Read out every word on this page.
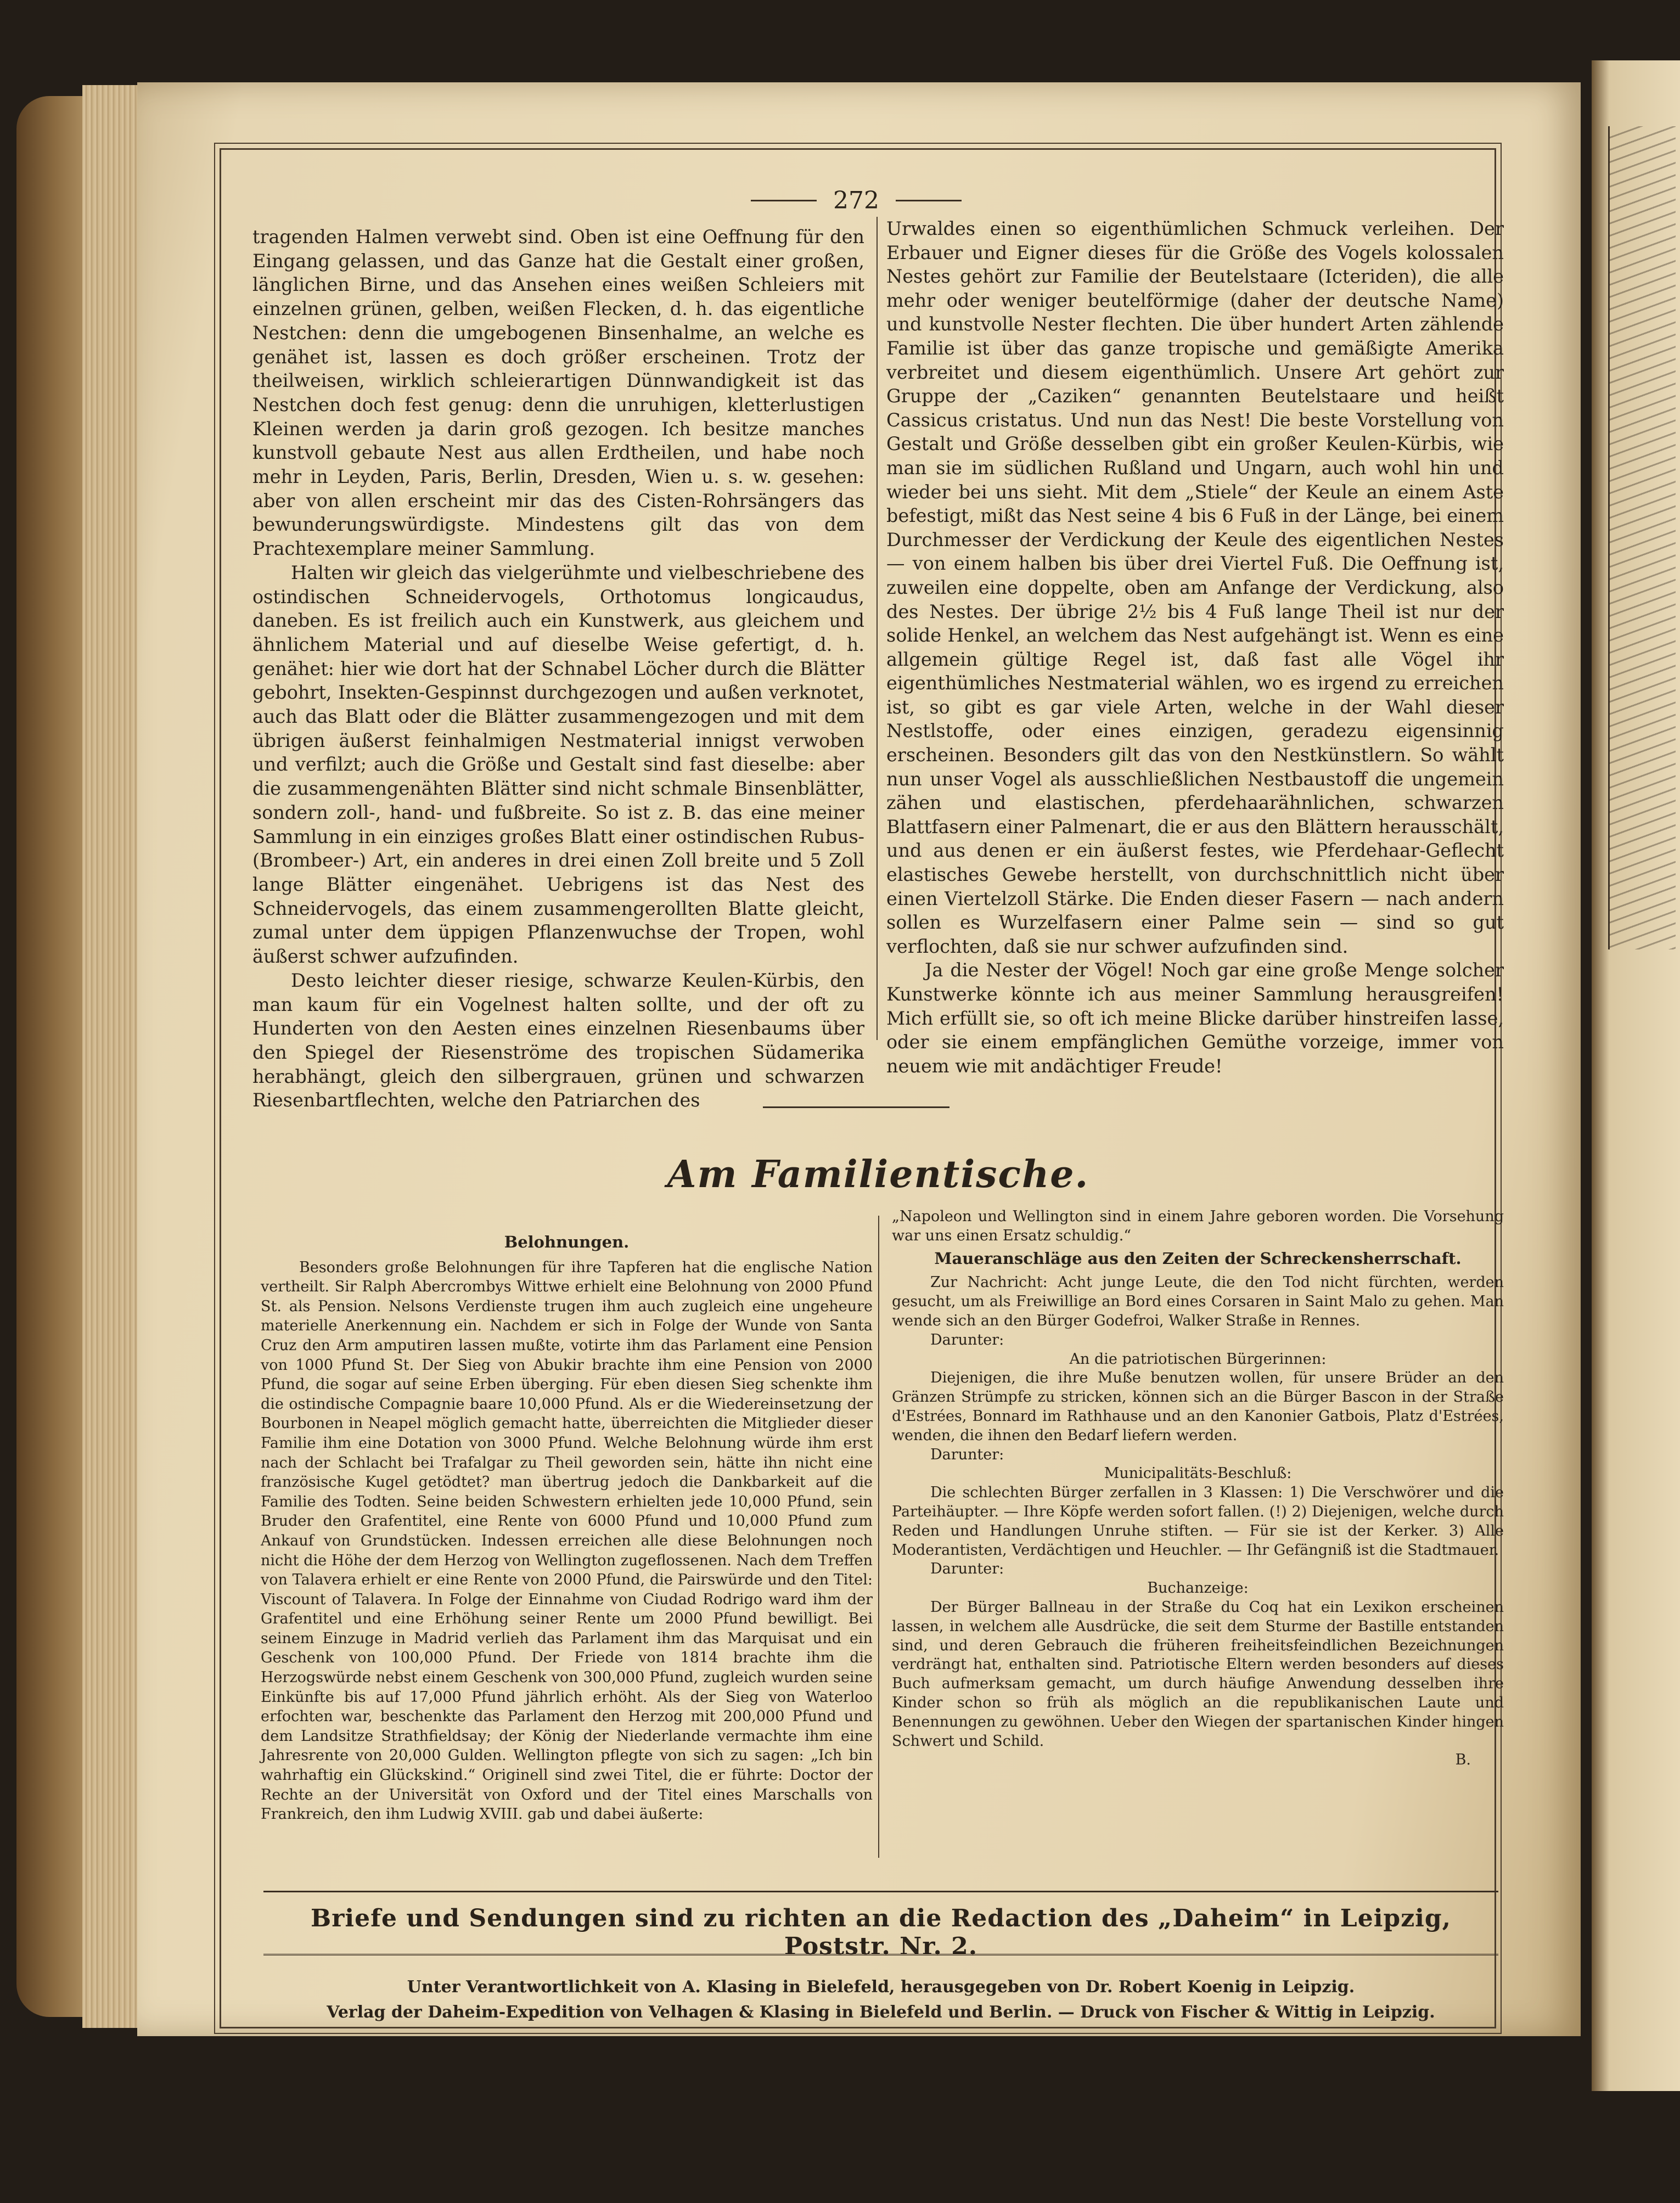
272

tragenden Halmen verwebt sind. Oben ist eine Oeffnung für den Eingang gelassen, und das Ganze hat die Gestalt einer großen, länglichen Birne, und das Ansehen eines weißen Schleiers mit einzelnen grünen, gelben, weißen Flecken, d. h. das eigentliche Nestchen: denn die umgebogenen Binsenhalme, an welche es genähet ist, lassen es doch größer erscheinen. Trotz der theilweisen, wirklich schleierartigen Dünnwandigkeit ist das Nestchen doch fest genug: denn die unruhigen, kletterlustigen Kleinen werden ja darin groß gezogen. Ich besitze manches kunstvoll gebaute Nest aus allen Erdtheilen, und habe noch mehr in Leyden, Paris, Berlin, Dresden, Wien u. s. w. gesehen: aber von allen erscheint mir das des Cisten-Rohrsängers das bewunderungswürdigste. Mindestens gilt das von dem Prachtexemplare meiner Sammlung.

Halten wir gleich das vielgerühmte und vielbeschriebene des ostindischen Schneidervogels, Orthotomus longicaudus, daneben. Es ist freilich auch ein Kunstwerk, aus gleichem und ähnlichem Material und auf dieselbe Weise gefertigt, d. h. genähet: hier wie dort hat der Schnabel Löcher durch die Blätter gebohrt, Insekten-Gespinnst durchgezogen und außen verknotet, auch das Blatt oder die Blätter zusammengezogen und mit dem übrigen äußerst feinhalmigen Nestmaterial innigst verwoben und verfilzt; auch die Größe und Gestalt sind fast dieselbe: aber die zusammengenähten Blätter sind nicht schmale Binsenblätter, sondern zoll-, hand- und fußbreite. So ist z. B. das eine meiner Sammlung in ein einziges großes Blatt einer ostindischen Rubus- (Brombeer-) Art, ein anderes in drei einen Zoll breite und 5 Zoll lange Blätter eingenähet. Uebrigens ist das Nest des Schneidervogels, das einem zusammengerollten Blatte gleicht, zumal unter dem üppigen Pflanzenwuchse der Tropen, wohl äußerst schwer aufzufinden.

Desto leichter dieser riesige, schwarze Keulen-Kürbis, den man kaum für ein Vogelnest halten sollte, und der oft zu Hunderten von den Aesten eines einzelnen Riesenbaums über den Spiegel der Riesenströme des tropischen Südamerika herabhängt, gleich den silbergrauen, grünen und schwarzen Riesenbartflechten, welche den Patriarchen des

Urwaldes einen so eigenthümlichen Schmuck verleihen. Der Erbauer und Eigner dieses für die Größe des Vogels kolossalen Nestes gehört zur Familie der Beutelstaare (Icteriden), die alle mehr oder weniger beutelförmige (daher der deutsche Name) und kunstvolle Nester flechten. Die über hundert Arten zählende Familie ist über das ganze tropische und gemäßigte Amerika verbreitet und diesem eigenthümlich. Unsere Art gehört zur Gruppe der „Caziken“ genannten Beutelstaare und heißt Cassicus cristatus. Und nun das Nest! Die beste Vorstellung von Gestalt und Größe desselben gibt ein großer Keulen-Kürbis, wie man sie im südlichen Rußland und Ungarn, auch wohl hin und wieder bei uns sieht. Mit dem „Stiele“ der Keule an einem Aste befestigt, mißt das Nest seine 4 bis 6 Fuß in der Länge, bei einem Durchmesser der Verdickung der Keule des eigentlichen Nestes — von einem halben bis über drei Viertel Fuß. Die Oeffnung ist, zuweilen eine doppelte, oben am Anfange der Verdickung, also des Nestes. Der übrige 2½ bis 4 Fuß lange Theil ist nur der solide Henkel, an welchem das Nest aufgehängt ist. Wenn es eine allgemein gültige Regel ist, daß fast alle Vögel ihr eigenthümliches Nestmaterial wählen, wo es irgend zu erreichen ist, so gibt es gar viele Arten, welche in der Wahl dieser Nestlstoffe, oder eines einzigen, geradezu eigensinnig erscheinen. Besonders gilt das von den Nestkünstlern. So wählt nun unser Vogel als ausschließlichen Nestbaustoff die ungemein zähen und elastischen, pferdehaarähnlichen, schwarzen Blattfasern einer Palmenart, die er aus den Blättern herausschält, und aus denen er ein äußerst festes, wie Pferdehaar-Geflecht elastisches Gewebe herstellt, von durchschnittlich nicht über einen Viertelzoll Stärke. Die Enden dieser Fasern — nach andern sollen es Wurzelfasern einer Palme sein — sind so gut verflochten, daß sie nur schwer aufzufinden sind.

Ja die Nester der Vögel! Noch gar eine große Menge solcher Kunstwerke könnte ich aus meiner Sammlung herausgreifen! Mich erfüllt sie, so oft ich meine Blicke darüber hinstreifen lasse, oder sie einem empfänglichen Gemüthe vorzeige, immer von neuem wie mit andächtiger Freude!

Am Familientische.
Belohnungen.

Besonders große Belohnungen für ihre Tapferen hat die englische Nation vertheilt. Sir Ralph Abercrombys Wittwe erhielt eine Belohnung von 2000 Pfund St. als Pension. Nelsons Verdienste trugen ihm auch zugleich eine ungeheure materielle Anerkennung ein. Nachdem er sich in Folge der Wunde von Santa Cruz den Arm amputiren lassen mußte, votirte ihm das Parlament eine Pension von 1000 Pfund St. Der Sieg von Abukir brachte ihm eine Pension von 2000 Pfund, die sogar auf seine Erben überging. Für eben diesen Sieg schenkte ihm die ostindische Compagnie baare 10,000 Pfund. Als er die Wiedereinsetzung der Bourbonen in Neapel möglich gemacht hatte, überreichten die Mitglieder dieser Familie ihm eine Dotation von 3000 Pfund. Welche Belohnung würde ihm erst nach der Schlacht bei Trafalgar zu Theil geworden sein, hätte ihn nicht eine französische Kugel getödtet? man übertrug jedoch die Dankbarkeit auf die Familie des Todten. Seine beiden Schwestern erhielten jede 10,000 Pfund, sein Bruder den Grafentitel, eine Rente von 6000 Pfund und 10,000 Pfund zum Ankauf von Grundstücken. Indessen erreichen alle diese Belohnungen noch nicht die Höhe der dem Herzog von Wellington zugeflossenen. Nach dem Treffen von Talavera erhielt er eine Rente von 2000 Pfund, die Pairswürde und den Titel: Viscount of Talavera. In Folge der Einnahme von Ciudad Rodrigo ward ihm der Grafentitel und eine Erhöhung seiner Rente um 2000 Pfund bewilligt. Bei seinem Einzuge in Madrid verlieh das Parlament ihm das Marquisat und ein Geschenk von 100,000 Pfund. Der Friede von 1814 brachte ihm die Herzogswürde nebst einem Geschenk von 300,000 Pfund, zugleich wurden seine Einkünfte bis auf 17,000 Pfund jährlich erhöht. Als der Sieg von Waterloo erfochten war, beschenkte das Parlament den Herzog mit 200,000 Pfund und dem Landsitze Strathfieldsay; der König der Niederlande vermachte ihm eine Jahresrente von 20,000 Gulden. Wellington pflegte von sich zu sagen: „Ich bin wahrhaftig ein Glückskind.“ Originell sind zwei Titel, die er führte: Doctor der Rechte an der Universität von Oxford und der Titel eines Marschalls von Frankreich, den ihm Ludwig XVIII. gab und dabei äußerte:

„Napoleon und Wellington sind in einem Jahre geboren worden. Die Vorsehung war uns einen Ersatz schuldig.“

Maueranschläge aus den Zeiten der Schreckensherrschaft.

Zur Nachricht: Acht junge Leute, die den Tod nicht fürchten, werden gesucht, um als Freiwillige an Bord eines Corsaren in Saint Malo zu gehen. Man wende sich an den Bürger Godefroi, Walker Straße in Rennes.

Darunter:

An die patriotischen Bürgerinnen:

Diejenigen, die ihre Muße benutzen wollen, für unsere Brüder an den Gränzen Strümpfe zu stricken, können sich an die Bürger Bascon in der Straße d'Estrées, Bonnard im Rathhause und an den Kanonier Gatbois, Platz d'Estrées, wenden, die ihnen den Bedarf liefern werden.

Darunter:

Municipalitäts-Beschluß:

Die schlechten Bürger zerfallen in 3 Klassen: 1) Die Verschwörer und die Parteihäupter. — Ihre Köpfe werden sofort fallen. (!) 2) Diejenigen, welche durch Reden und Handlungen Unruhe stiften. — Für sie ist der Kerker. 3) Alle Moderantisten, Verdächtigen und Heuchler. — Ihr Gefängniß ist die Stadtmauer.

Darunter:

Buchanzeige:

Der Bürger Ballneau in der Straße du Coq hat ein Lexikon erscheinen lassen, in welchem alle Ausdrücke, die seit dem Sturme der Bastille entstanden sind, und deren Gebrauch die früheren freiheitsfeindlichen Bezeichnungen verdrängt hat, enthalten sind. Patriotische Eltern werden besonders auf dieses Buch aufmerksam gemacht, um durch häufige Anwendung desselben ihre Kinder schon so früh als möglich an die republikanischen Laute und Benennungen zu gewöhnen. Ueber den Wiegen der spartanischen Kinder hingen Schwert und Schild.

B.

Briefe und Sendungen sind zu richten an die Redaction des „Daheim“ in Leipzig, Poststr. Nr. 2.
Unter Verantwortlichkeit von A. Klasing in Bielefeld, herausgegeben von Dr. Robert Koenig in Leipzig.
Verlag der Daheim-Expedition von Velhagen & Klasing in Bielefeld und Berlin. — Druck von Fischer & Wittig in Leipzig.
